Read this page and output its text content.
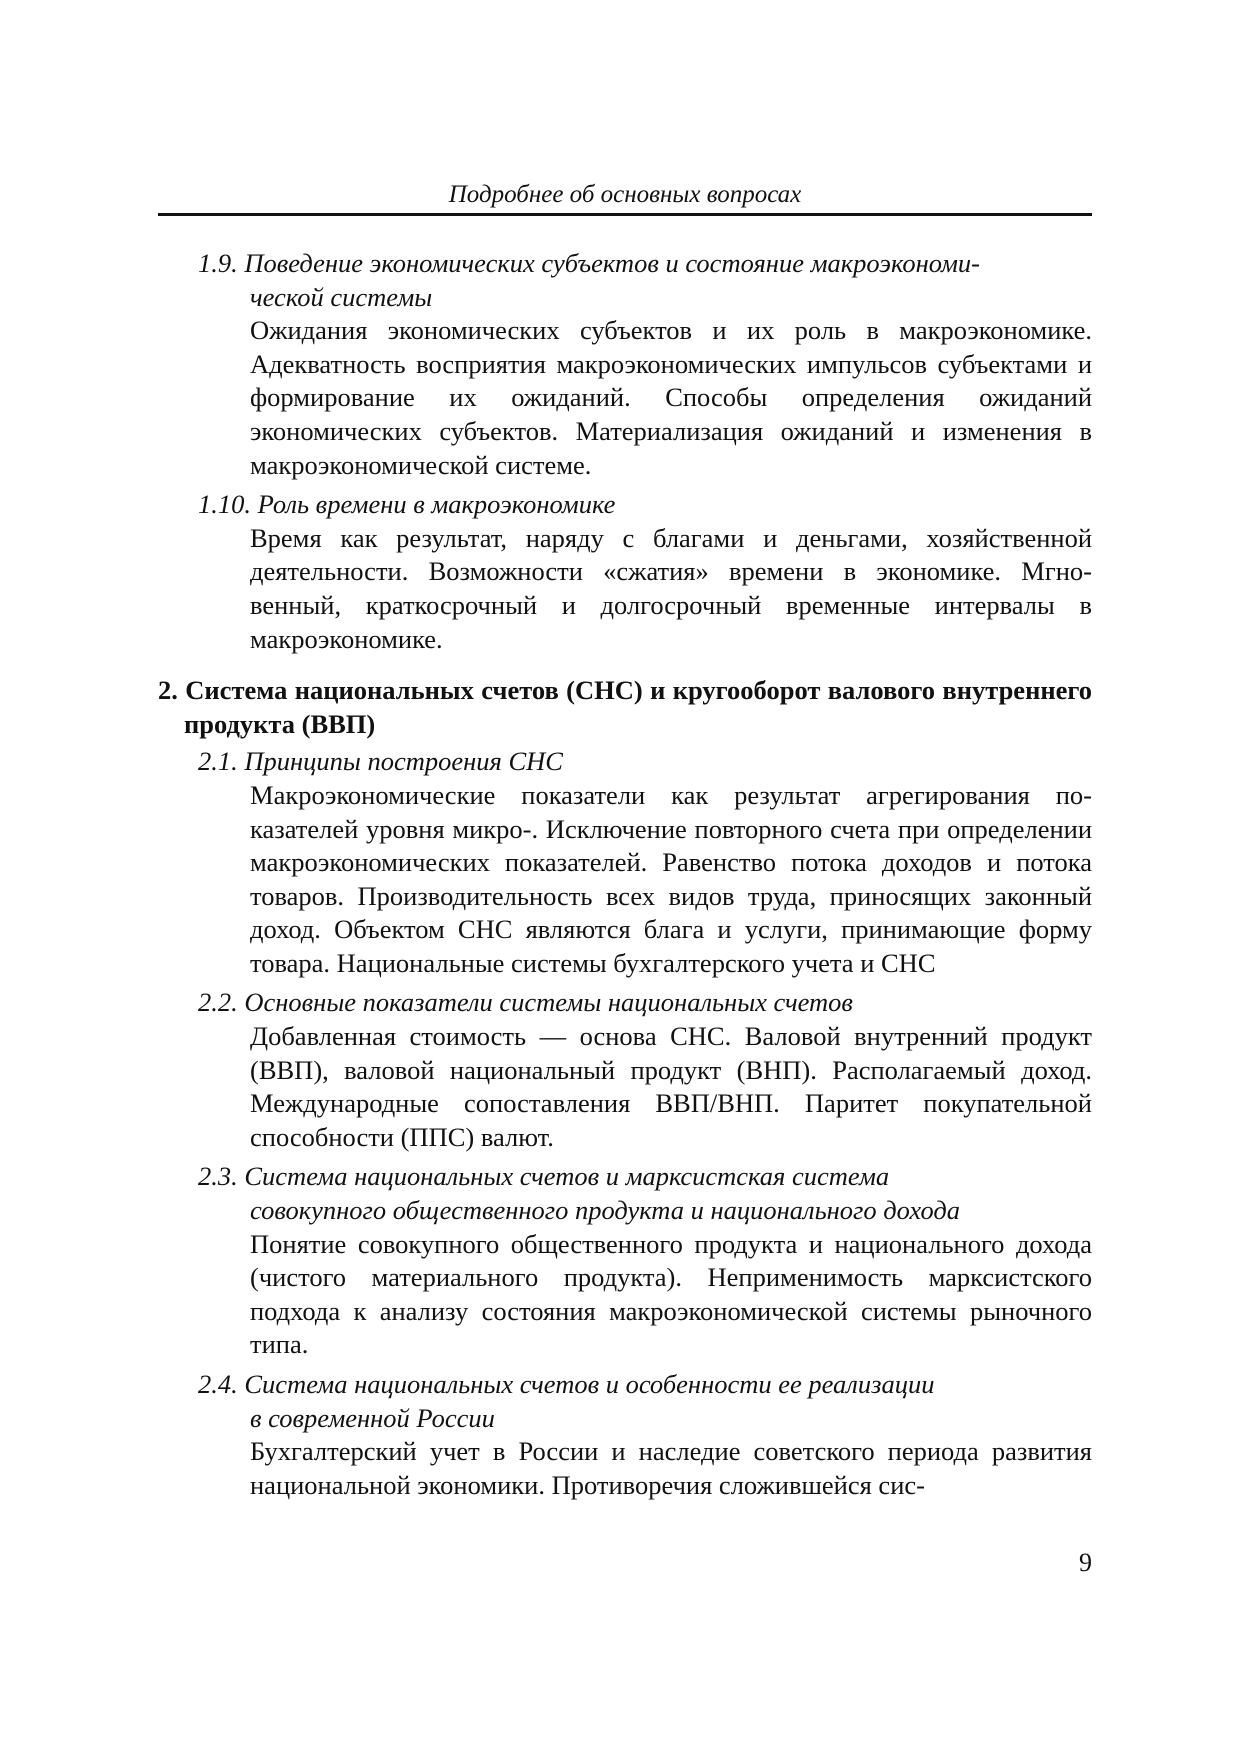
Подробнее об основных вопросах

1.9. Поведение экономических субъектов и состояние макроэкономи-
ческой системы

Ожидания экономических субъектов и их роль в макроэкономике. Адекватность восприятия макроэкономических импульсов субъектами и формирование их ожиданий. Способы определения ожиданий экономических субъектов. Материализация ожиданий и изменения в макроэкономической системе.

1.10. Роль времени в макроэкономике

Время как результат, наряду с благами и деньгами, хозяйственной деятельности. Возможности «сжатия» времени в экономике. Мгновенный, краткосрочный и долгосрочный временные интервалы в макроэкономике.

2. Система национальных счетов (СНС) и кругооборот валового внутреннего продукта (ВВП)

2.1. Принципы построения СНС

Макроэкономические показатели как результат агрегирования показателей уровня микро-. Исключение повторного счета при определении макроэкономических показателей. Равенство потока доходов и потока товаров. Производительность всех видов труда, приносящих законный доход. Объектом СНС являются блага и услуги, принимающие форму товара. Национальные системы бухгалтерского учета и СНС

2.2. Основные показатели системы национальных счетов

Добавленная стоимость — основа СНС. Валовой внутренний продукт (ВВП), валовой национальный продукт (ВНП). Располагаемый доход. Международные сопоставления ВВП/ВНП. Паритет покупательной способности (ППС) валют.

2.3. Система национальных счетов и марксистская система
совокупного общественного продукта и национального дохода

Понятие совокупного общественного продукта и национального дохода (чистого материального продукта). Неприменимость марксистского подхода к анализу состояния макроэкономической системы рыночного типа.

2.4. Система национальных счетов и особенности ее реализации
в современной России

Бухгалтерский учет в России и наследие советского периода развития национальной экономики. Противоречия сложившейся сис-

9
